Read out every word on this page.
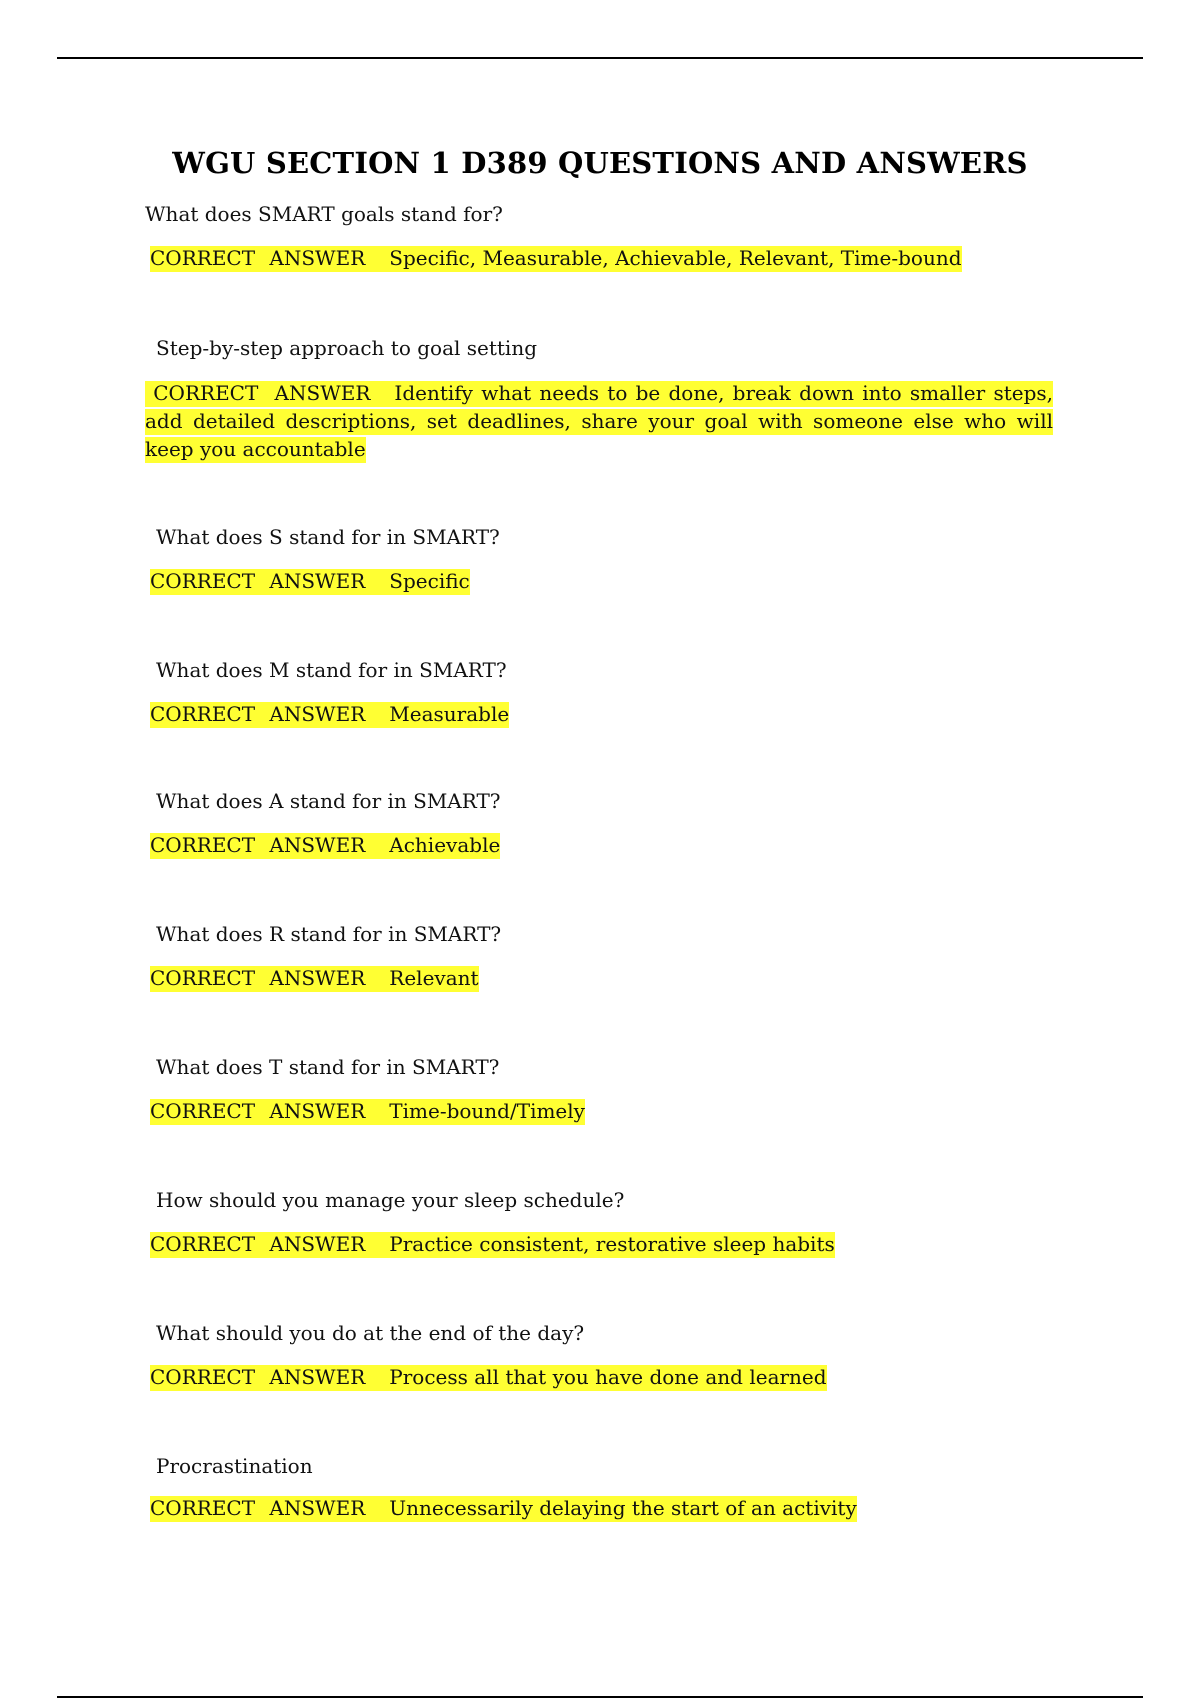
WGU SECTION 1 D389 QUESTIONS AND ANSWERS
What does SMART goals stand for?
CORRECT ANSWER Specific, Measurable, Achievable, Relevant, Time-bound
Step-by-step approach to goal setting
CORRECT ANSWER Identify what needs to be done, break down into smaller steps, add detailed descriptions, set deadlines, share your goal with someone else who will keep you accountable
What does S stand for in SMART?
CORRECT ANSWER Specific
What does M stand for in SMART?
CORRECT ANSWER Measurable
What does A stand for in SMART?
CORRECT ANSWER Achievable
What does R stand for in SMART?
CORRECT ANSWER Relevant
What does T stand for in SMART?
CORRECT ANSWER Time-bound/Timely
How should you manage your sleep schedule?
CORRECT ANSWER Practice consistent, restorative sleep habits
What should you do at the end of the day?
CORRECT ANSWER Process all that you have done and learned
Procrastination
CORRECT ANSWER Unnecessarily delaying the start of an activity
